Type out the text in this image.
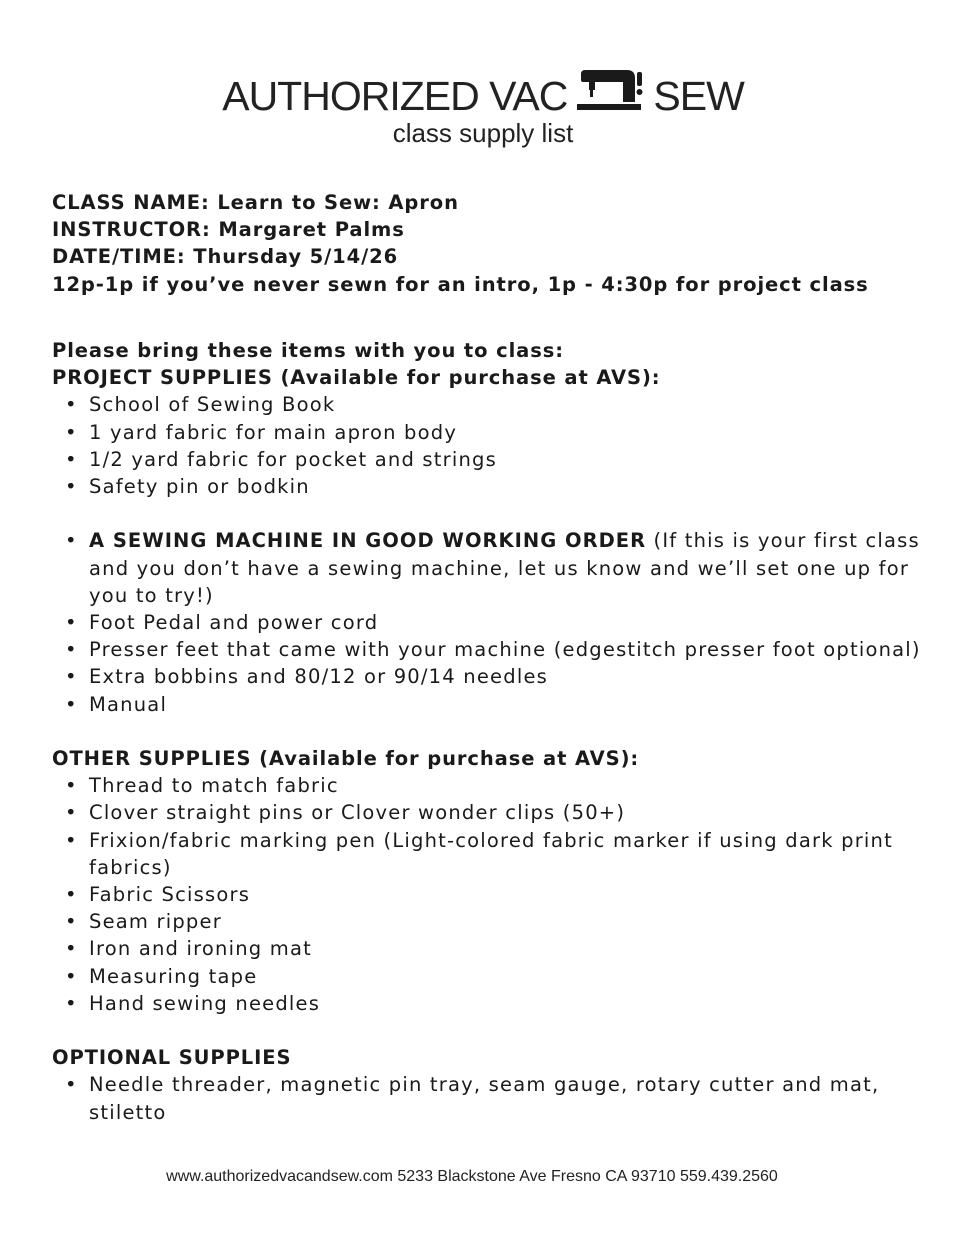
AUTHORIZED VAC SEW
class supply list
CLASS NAME: Learn to Sew: Apron
INSTRUCTOR: Margaret Palms
DATE/TIME: Thursday 5/14/26
12p-1p if you’ve never sewn for an intro, 1p - 4:30p for project class
Please bring these items with you to class:
PROJECT SUPPLIES (Available for purchase at AVS):
• School of Sewing Book
• 1 yard fabric for main apron body
• 1/2 yard fabric for pocket and strings
• Safety pin or bodkin
• A SEWING MACHINE IN GOOD WORKING ORDER (If this is your first class and you don’t have a sewing machine, let us know and we’ll set one up for you to try!)
• Foot Pedal and power cord
• Presser feet that came with your machine (edgestitch presser foot optional)
• Extra bobbins and 80/12 or 90/14 needles
• Manual
OTHER SUPPLIES (Available for purchase at AVS):
• Thread to match fabric
• Clover straight pins or Clover wonder clips (50+)
• Frixion/fabric marking pen (Light-colored fabric marker if using dark print fabrics)
• Fabric Scissors
• Seam ripper
• Iron and ironing mat
• Measuring tape
• Hand sewing needles
OPTIONAL SUPPLIES
• Needle threader, magnetic pin tray, seam gauge, rotary cutter and mat, stiletto
www.authorizedvacandsew.com 5233 Blackstone Ave Fresno CA 93710 559.439.2560
